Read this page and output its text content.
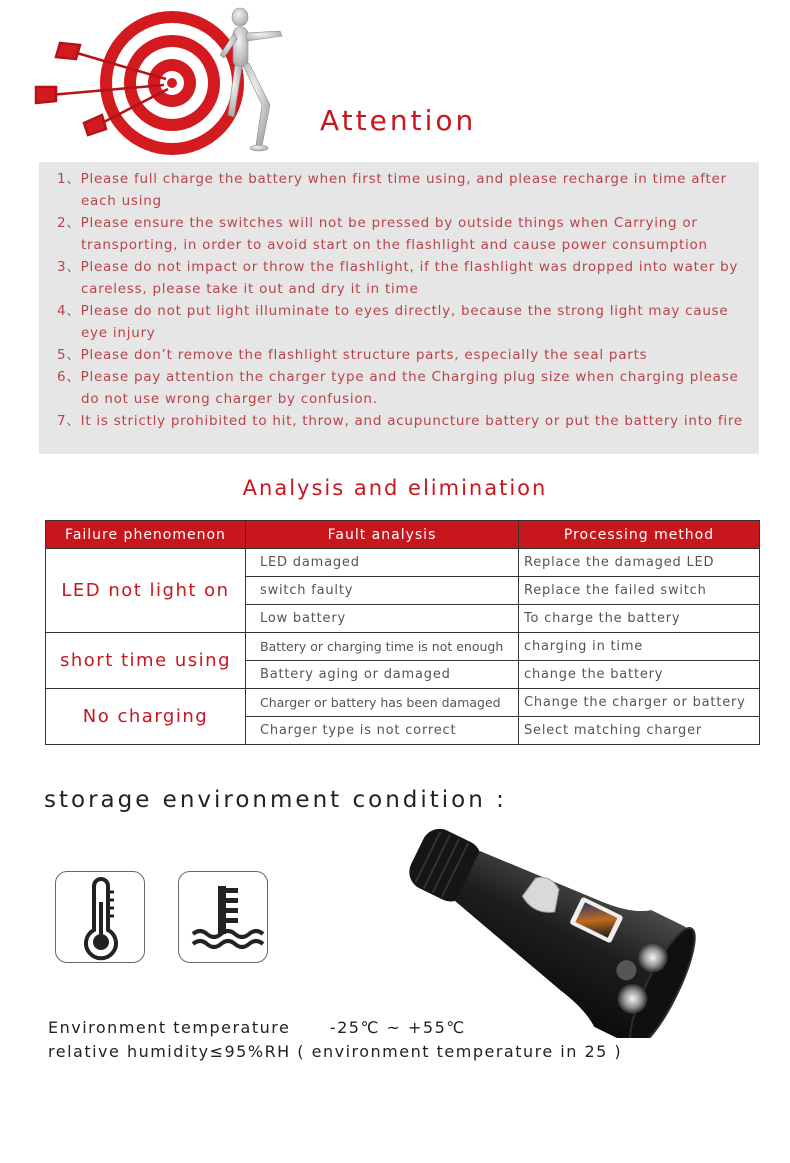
Attention

1、Please full charge the battery when first time using, and please recharge in time after each using

2、Please ensure the switches will not be pressed by outside things when Carrying or transporting, in order to avoid start on the flashlight and cause power consumption

3、Please do not impact or throw the flashlight, if the flashlight was dropped into water by careless, please take it out and dry it in time

4、Please do not put light illuminate to eyes directly, because the strong light may cause eye injury

5、Please don’t remove the flashlight structure parts, especially the seal parts

6、Please pay attention the charger type and the Charging plug size when charging please do not use wrong charger by confusion.

7、It is strictly prohibited to hit, throw, and acupuncture battery or put the battery into fire

Analysis and elimination
Failure phenomenon	Fault analysis	Processing method
LED not light on	LED damaged	Replace the damaged LED
	switch faulty	Replace the failed switch
	Low battery	To charge the battery
short time using	Battery or charging time is not enough	charging in time
	Battery aging or damaged	change the battery
No charging	Charger or battery has been damaged	Change the charger or battery
	Charger type is not correct	Select matching charger
storage environment condition :
Environment temperature      -25℃ ~ +55℃
relative humidity≤95%RH ( environment temperature in 25 )
